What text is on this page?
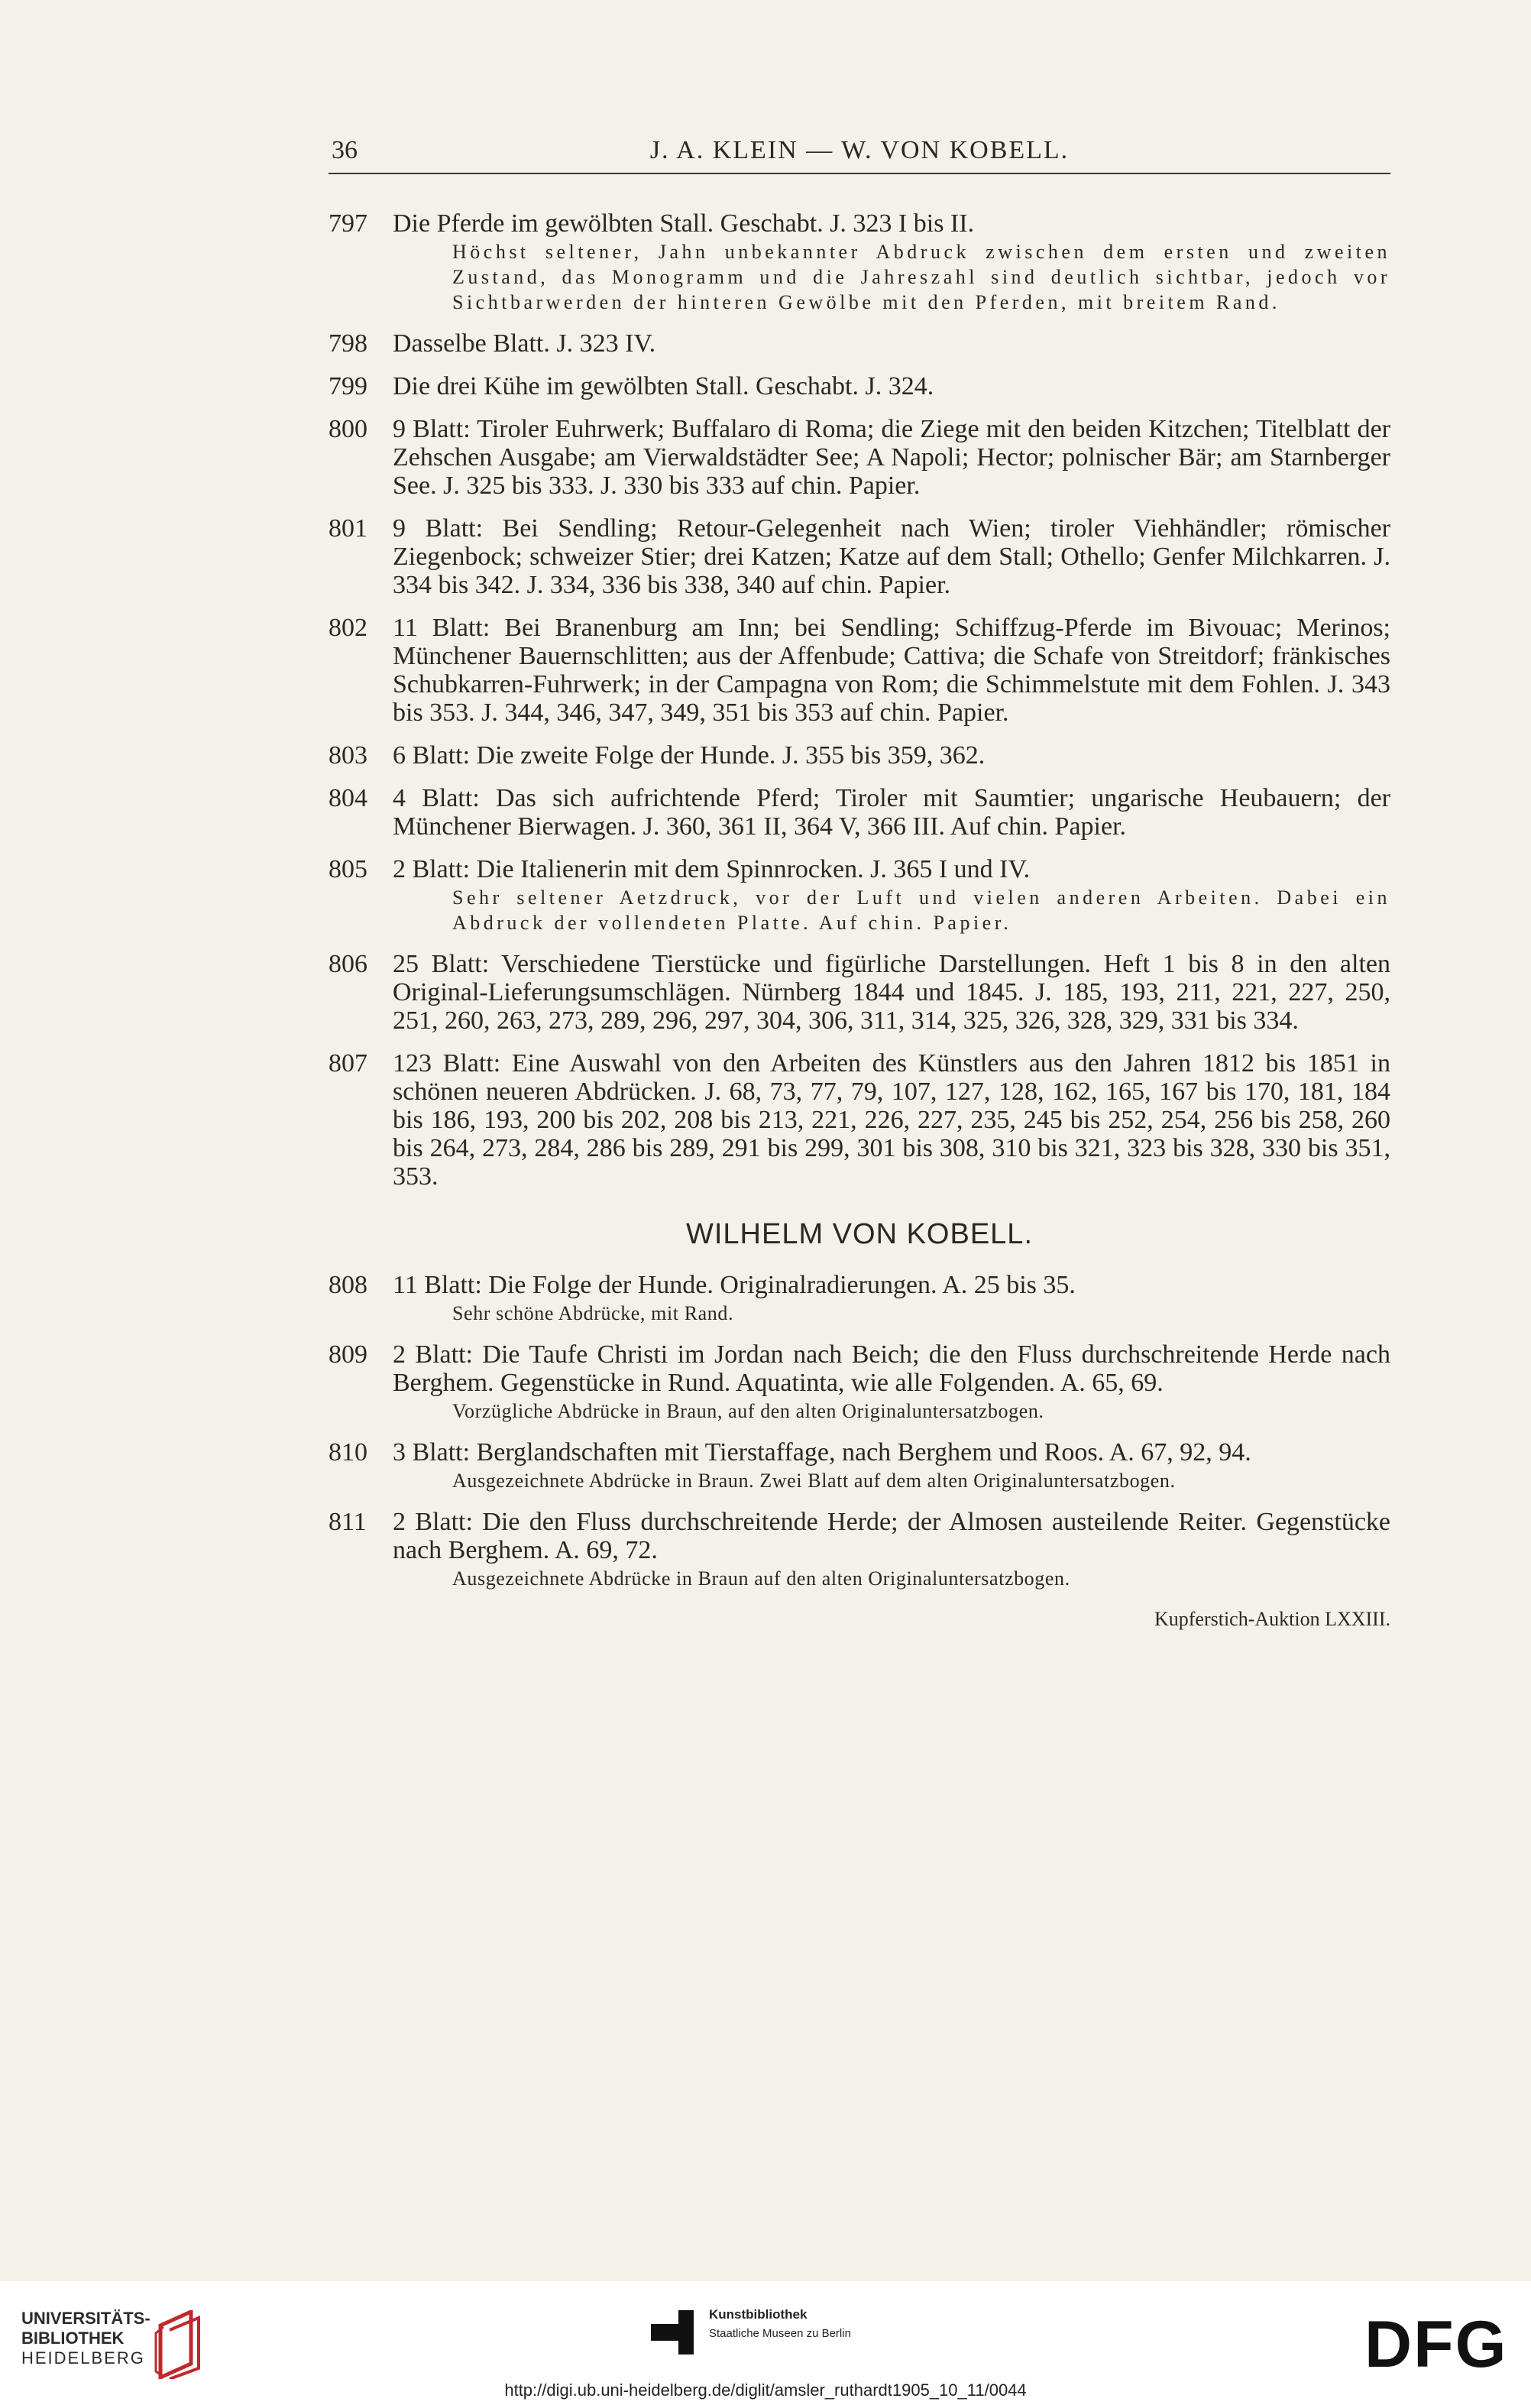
36	J. A. KLEIN — W. VON KOBELL.
797 Die Pferde im gewölbten Stall. Geschabt. J. 323 I bis II.
Höchst seltener, Jahn unbekannter Abdruck zwischen dem ersten und zweiten Zustand, das Monogramm und die Jahreszahl sind deutlich sichtbar, jedoch vor Sichtbarwerden der hinteren Gewölbe mit den Pferden, mit breitem Rand.
798 Dasselbe Blatt. J. 323 IV.
799 Die drei Kühe im gewölbten Stall. Geschabt. J. 324.
800 9 Blatt: Tiroler Euhrwerk; Buffalaro di Roma; die Ziege mit den beiden Kitzchen; Titelblatt der Zehschen Ausgabe; am Vierwaldstädter See; A Napoli; Hector; polnischer Bär; am Starnberger See. J. 325 bis 333. J. 330 bis 333 auf chin. Papier.
801 9 Blatt: Bei Sendling; Retour-Gelegenheit nach Wien; tiroler Viehhändler; römischer Ziegenbock; schweizer Stier; drei Katzen; Katze auf dem Stall; Othello; Genfer Milchkarren. J. 334 bis 342. J. 334, 336 bis 338, 340 auf chin. Papier.
802 11 Blatt: Bei Branenburg am Inn; bei Sendling; Schiffzug-Pferde im Bivouac; Merinos; Münchener Bauernschlitten; aus der Affenbude; Cattiva; die Schafe von Streitdorf; fränkisches Schubkarren-Fuhrwerk; in der Campagna von Rom; die Schimmelstute mit dem Fohlen. J. 343 bis 353. J. 344, 346, 347, 349, 351 bis 353 auf chin. Papier.
803 6 Blatt: Die zweite Folge der Hunde. J. 355 bis 359, 362.
804 4 Blatt: Das sich aufrichtende Pferd; Tiroler mit Saumtier; ungarische Heubauern; der Münchener Bierwagen. J. 360, 361 II, 364 V, 366 III. Auf chin. Papier.
805 2 Blatt: Die Italienerin mit dem Spinnrocken. J. 365 I und IV.
Sehr seltener Aetzdruck, vor der Luft und vielen anderen Arbeiten. Dabei ein Abdruck der vollendeten Platte. Auf chin. Papier.
806 25 Blatt: Verschiedene Tierstücke und figürliche Darstellungen. Heft 1 bis 8 in den alten Original-Lieferungsumschlägen. Nürnberg 1844 und 1845. J. 185, 193, 211, 221, 227, 250, 251, 260, 263, 273, 289, 296, 297, 304, 306, 311, 314, 325, 326, 328, 329, 331 bis 334.
807 123 Blatt: Eine Auswahl von den Arbeiten des Künstlers aus den Jahren 1812 bis 1851 in schönen neueren Abdrücken. J. 68, 73, 77, 79, 107, 127, 128, 162, 165, 167 bis 170, 181, 184 bis 186, 193, 200 bis 202, 208 bis 213, 221, 226, 227, 235, 245 bis 252, 254, 256 bis 258, 260 bis 264, 273, 284, 286 bis 289, 291 bis 299, 301 bis 308, 310 bis 321, 323 bis 328, 330 bis 351, 353.
WILHELM VON KOBELL.
808 11 Blatt: Die Folge der Hunde. Originalradierungen. A. 25 bis 35.
Sehr schöne Abdrücke, mit Rand.
809 2 Blatt: Die Taufe Christi im Jordan nach Beich; die den Fluss durchschreitende Herde nach Berghem. Gegenstücke in Rund. Aquatinta, wie alle Folgenden. A. 65, 69.
Vorzügliche Abdrücke in Braun, auf den alten Originaluntersatzbogen.
810 3 Blatt: Berglandschaften mit Tierstaffage, nach Berghem und Roos. A. 67, 92, 94.
Ausgezeichnete Abdrücke in Braun. Zwei Blatt auf dem alten Originaluntersatzbogen.
811 2 Blatt: Die den Fluss durchschreitende Herde; der Almosen austeilende Reiter. Gegenstücke nach Berghem. A. 69, 72.
Ausgezeichnete Abdrücke in Braun auf den alten Originaluntersatzbogen.
Kupferstich-Auktion LXXIII.
UNIVERSITÄTS-
BIBLIOTHEK
HEIDELBERG
Kunstbibliothek
Staatliche Museen zu Berlin	DFG
http://digi.ub.uni-heidelberg.de/diglit/amsler_ruthardt1905_10_11/0044
